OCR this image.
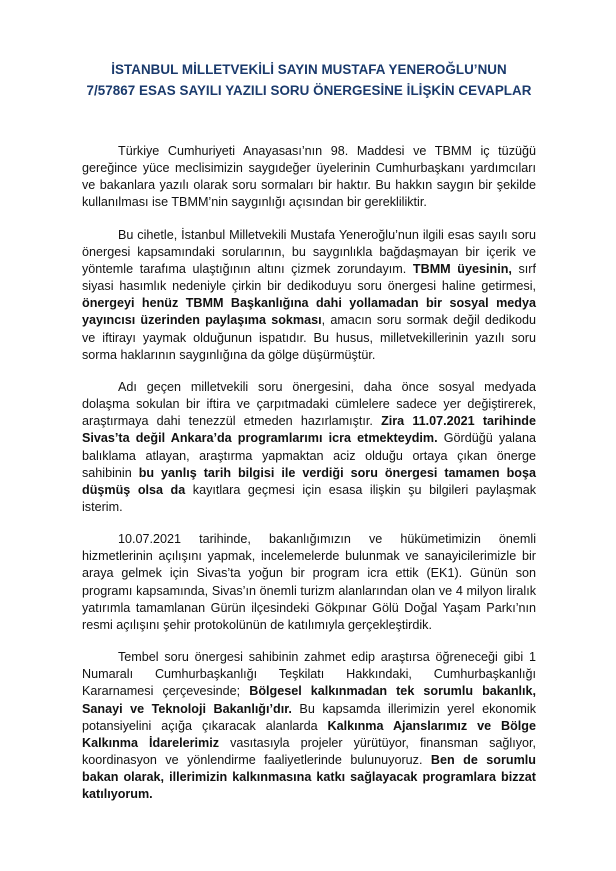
İSTANBUL MİLLETVEKİLİ SAYIN MUSTAFA YENEROĞLU’NUN
7/57867 ESAS SAYILI YAZILI SORU ÖNERGESİNE İLİŞKİN CEVAPLAR

Türkiye Cumhuriyeti Anayasası’nın 98. Maddesi ve TBMM iç tüzüğü gereğince yüce meclisimizin saygıdeğer üyelerinin Cumhurbaşkanı yardımcıları ve bakanlara yazılı olarak soru sormaları bir haktır. Bu hakkın saygın bir şekilde kullanılması ise TBMM’nin saygınlığı açısından bir gerekliliktir.

Bu cihetle, İstanbul Milletvekili Mustafa Yeneroğlu’nun ilgili esas sayılı soru önergesi kapsamındaki sorularının, bu saygınlıkla bağdaşmayan bir içerik ve yöntemle tarafıma ulaştığının altını çizmek zorundayım. TBMM üyesinin, sırf siyasi hasımlık nedeniyle çirkin bir dedikoduyu soru önergesi haline getirmesi, önergeyi henüz TBMM Başkanlığına dahi yollamadan bir sosyal medya yayıncısı üzerinden paylaşıma sokması, amacın soru sormak değil dedikodu ve iftirayı yaymak olduğunun ispatıdır. Bu husus, milletvekillerinin yazılı soru sorma haklarının saygınlığına da gölge düşürmüştür.

Adı geçen milletvekili soru önergesini, daha önce sosyal medyada dolaşma sokulan bir iftira ve çarpıtmadaki cümlelere sadece yer değiştirerek, araştırmaya dahi tenezzül etmeden hazırlamıştır. Zira 11.07.2021 tarihinde Sivas’ta değil Ankara’da programlarımı icra etmekteydim. Gördüğü yalana balıklama atlayan, araştırma yapmaktan aciz olduğu ortaya çıkan önerge sahibinin bu yanlış tarih bilgisi ile verdiği soru önergesi tamamen boşa düşmüş olsa da kayıtlara geçmesi için esasa ilişkin şu bilgileri paylaşmak isterim.

10.07.2021 tarihinde, bakanlığımızın ve hükümetimizin önemli hizmetlerinin açılışını yapmak, incelemelerde bulunmak ve sanayicilerimizle bir araya gelmek için Sivas’ta yoğun bir program icra ettik (EK1). Günün son programı kapsamında, Sivas’ın önemli turizm alanlarından olan ve 4 milyon liralık yatırımla tamamlanan Gürün ilçesindeki Gökpınar Gölü Doğal Yaşam Parkı’nın resmi açılışını şehir protokolünün de katılımıyla gerçekleştirdik.

Tembel soru önergesi sahibinin zahmet edip araştırsa öğreneceği gibi 1 Numaralı Cumhurbaşkanlığı Teşkilatı Hakkındaki, Cumhurbaşkanlığı Kararnamesi çerçevesinde; Bölgesel kalkınmadan tek sorumlu bakanlık, Sanayi ve Teknoloji Bakanlığı’dır. Bu kapsamda illerimizin yerel ekonomik potansiyelini açığa çıkaracak alanlarda Kalkınma Ajanslarımız ve Bölge Kalkınma İdarelerimiz vasıtasıyla projeler yürütüyor, finansman sağlıyor, koordinasyon ve yönlendirme faaliyetlerinde bulunuyoruz. Ben de sorumlu bakan olarak, illerimizin kalkınmasına katkı sağlayacak programlara bizzat katılıyorum.
